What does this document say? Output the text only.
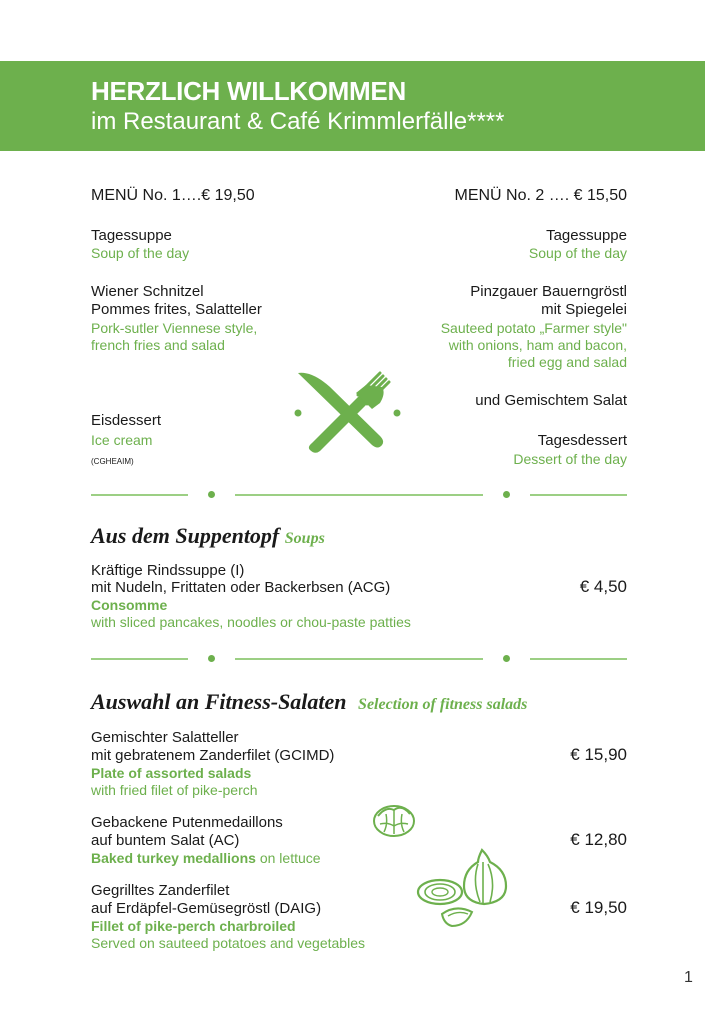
HERZLICH WILLKOMMEN
im Restaurant & Café Krimmlerfälle****
MENÜ No. 1….€ 19,50
Tagessuppe
Soup of the day
Wiener Schnitzel
Pommes frites, Salatteller
Pork-sutler Viennese style,
french fries and salad
Eisdessert
Ice cream
(CGHEAIM)
MENÜ No. 2 …. € 15,50
Tagessuppe
Soup of the day
Pinzgauer Bauerngröstl
mit Spiegelei
Sauteed potato „Farmer style"
with onions, ham and bacon,
fried egg and salad
und Gemischtem Salat
Tagesdessert
Dessert of the day
Aus dem Suppentopf Soups
Kräftige Rindssuppe (I)
mit Nudeln, Frittaten oder Backerbsen (ACG)
Consomme
with sliced pancakes, noodles or chou-paste patties
€ 4,50
Auswahl an Fitness-Salaten Selection of fitness salads
Gemischter Salatteller
mit gebratenem Zanderfilet (GCIMD)
Plate of assorted salads
with fried filet of pike-perch
€ 15,90
Gebackene Putenmedaillons
auf buntem Salat (AC)
Baked turkey medallions on lettuce
€ 12,80
Gegrilltes Zanderfilet
auf Erdäpfel-Gemüsegröstl (DAIG)
Fillet of pike-perch charbroiled
Served on sauteed potatoes and vegetables
€ 19,50
1
